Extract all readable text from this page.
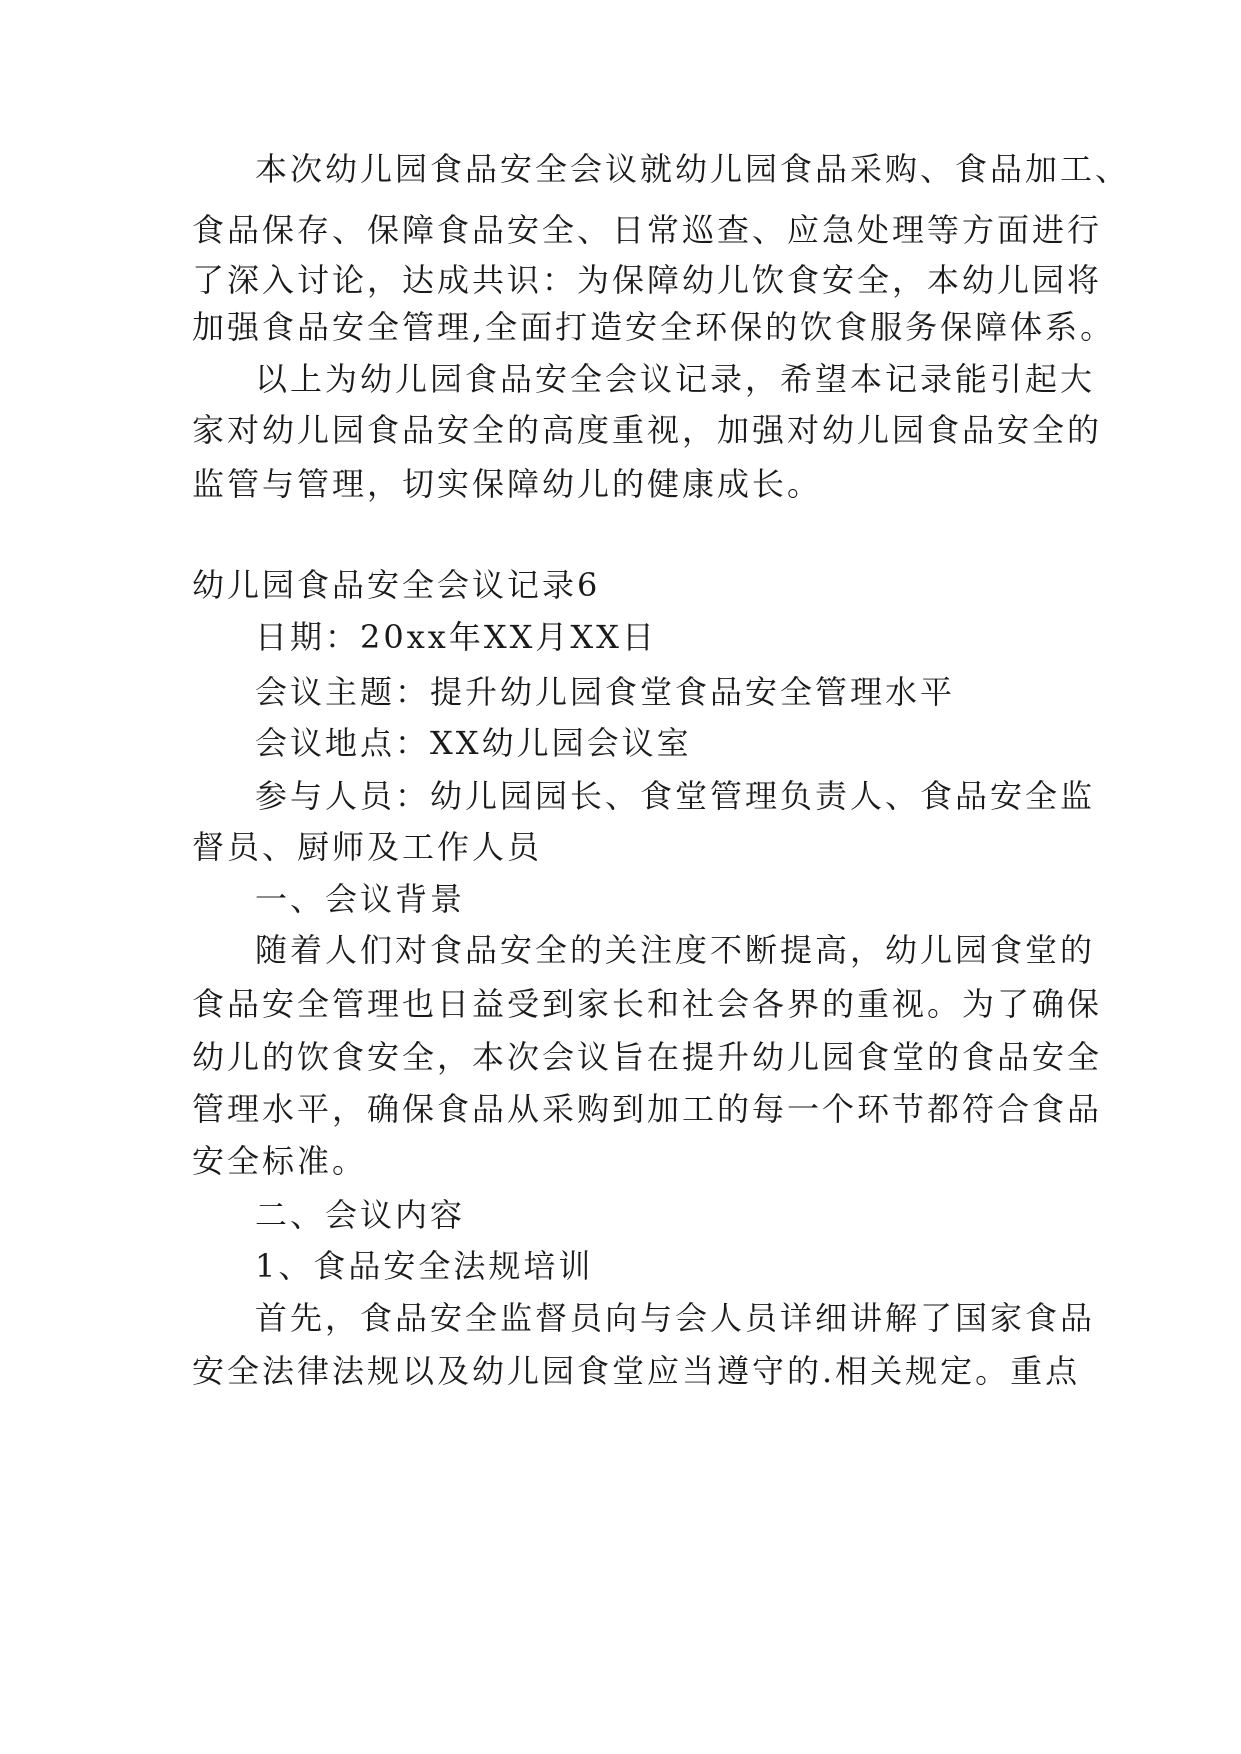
本次幼儿园食品安全会议就幼儿园食品采购、食品加工、

食品保存、保障食品安全、日常巡查、应急处理等方面进行

了深入讨论，达成共识：为保障幼儿饮食安全，本幼儿园将

加强食品安全管理,全面打造安全环保的饮食服务保障体系。

以上为幼儿园食品安全会议记录，希望本记录能引起大

家对幼儿园食品安全的高度重视，加强对幼儿园食品安全的

监管与管理，切实保障幼儿的健康成长。

幼儿园食品安全会议记录6

日期：20xx年XX月XX日

会议主题：提升幼儿园食堂食品安全管理水平

会议地点：XX幼儿园会议室

参与人员：幼儿园园长、食堂管理负责人、食品安全监

督员、厨师及工作人员

一、会议背景

随着人们对食品安全的关注度不断提高，幼儿园食堂的

食品安全管理也日益受到家长和社会各界的重视。为了确保

幼儿的饮食安全，本次会议旨在提升幼儿园食堂的食品安全

管理水平，确保食品从采购到加工的每一个环节都符合食品

安全标准。

二、会议内容

1、食品安全法规培训

首先，食品安全监督员向与会人员详细讲解了国家食品

安全法律法规以及幼儿园食堂应当遵守的.相关规定。重点
